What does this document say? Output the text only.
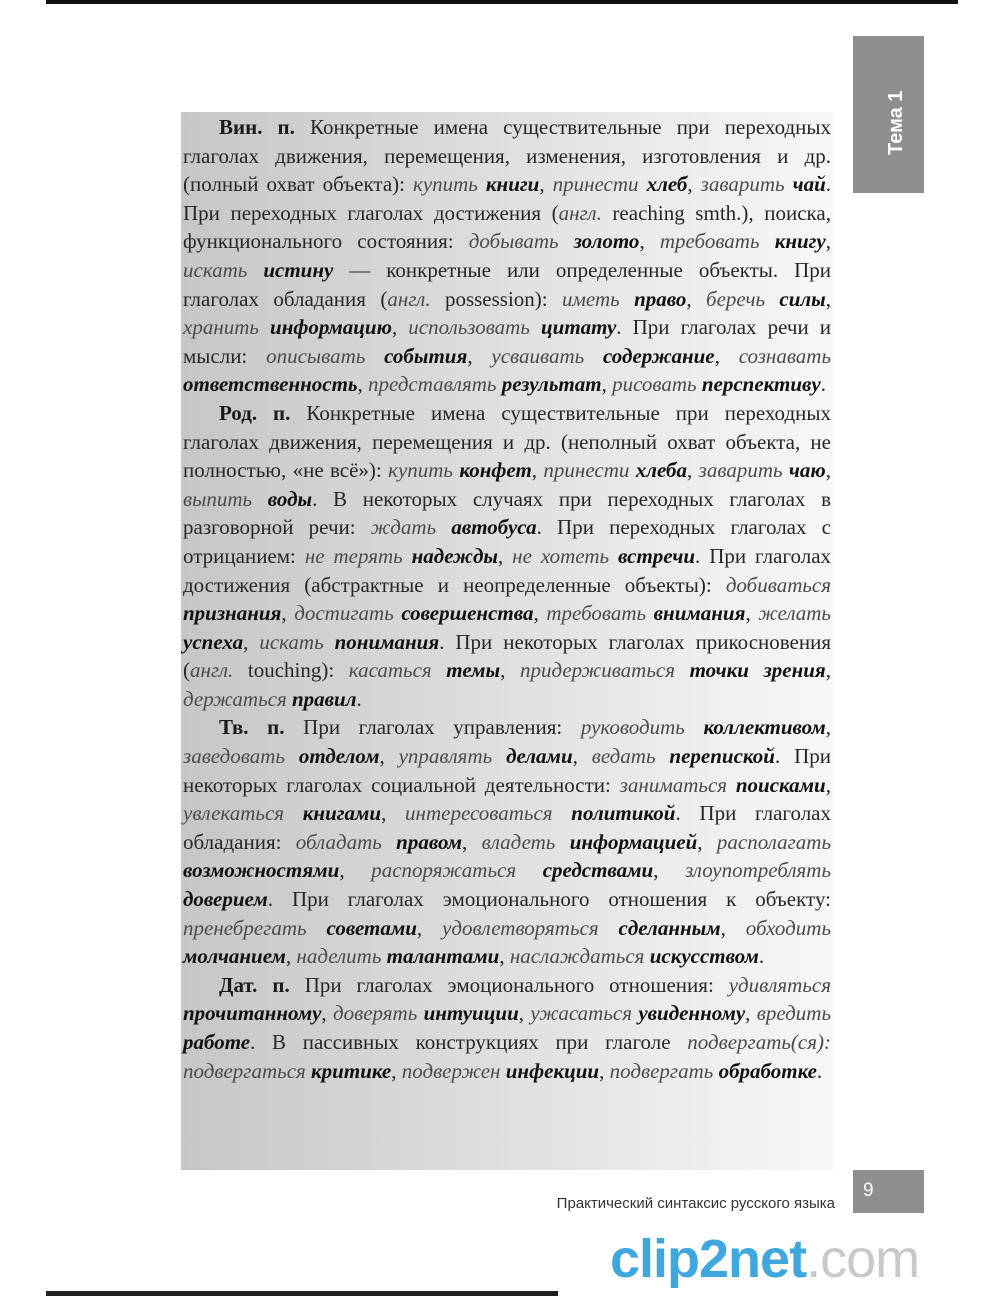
Тема 1

Вин. п. Конкретные имена существительные при переходных глаголах движения, перемещения, изменения, изготовления и др. (полный охват объекта): купить книги, принести хлеб, заварить чай. При переходных глаголах достижения (англ. reaching smth.), поиска, функционального состояния: добывать золото, требовать книгу, искать истину — конкретные или определенные объекты. При глаголах обладания (англ. possession): иметь право, беречь силы, хранить информацию, использовать цитату. При глаголах речи и мысли: описывать события, усваивать содержание, сознавать ответственность, представлять результат, рисовать перспективу.

Род. п. Конкретные имена существительные при переходных глаголах движения, перемещения и др. (неполный охват объекта, не полностью, «не всё»): купить конфет, принести хлеба, заварить чаю, выпить воды. В некоторых случаях при переходных глаголах в разговорной речи: ждать автобуса. При переходных глаголах с отрицанием: не терять надежды, не хотеть встречи. При глаголах достижения (абстрактные и неопределенные объекты): добиваться признания, достигать совершенства, требовать внимания, желать успеха, искать понимания. При некоторых глаголах прикосновения (англ. touching): касаться темы, придерживаться точки зрения, держаться правил.

Тв. п. При глаголах управления: руководить коллективом, заведовать отделом, управлять делами, ведать перепиской. При некоторых глаголах социальной деятельности: заниматься поисками, увлекаться книгами, интересоваться политикой. При глаголах обладания: обладать правом, владеть информацией, располагать возможностями, распоряжаться средствами, злоупотреблять доверием. При глаголах эмоционального отношения к объекту: пренебрегать советами, удовлетворяться сделанным, обходить молчанием, наделить талантами, наслаждаться искусством.

Дат. п. При глаголах эмоционального отношения: удивляться прочитанному, доверять интуиции, ужасаться увиденному, вредить работе. В пассивных конструкциях при глаголе подвергать(ся): подвергаться критике, подвержен инфекции, подвергать обработке.

Практический синтаксис русского языка
9
clip2net.com
